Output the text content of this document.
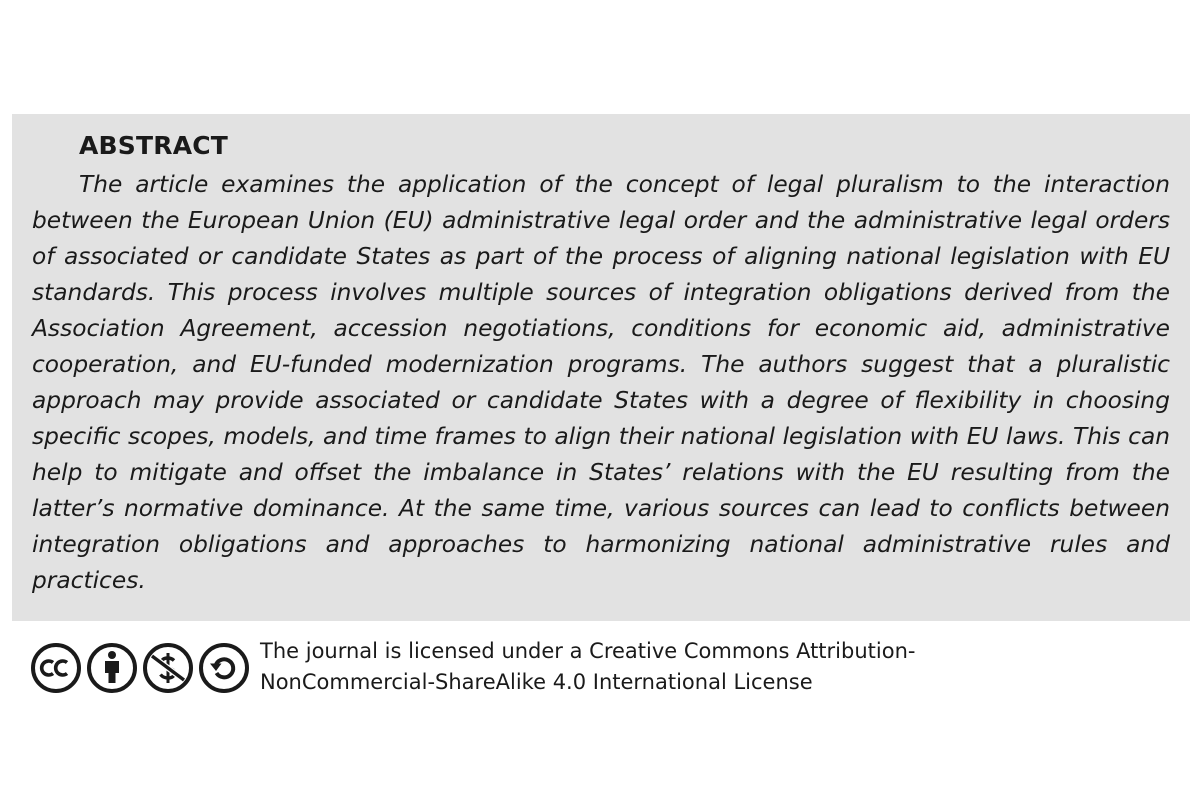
ABSTRACT

The article examines the application of the concept of legal pluralism to the interaction between the European Union (EU) administrative legal order and the administrative legal orders of associated or candidate States as part of the process of aligning national legislation with EU standards. This process involves multiple sources of integration obligations derived from the Association Agreement, accession negotiations, conditions for economic aid, administrative cooperation, and EU-funded modernization programs. The authors suggest that a pluralistic approach may provide associated or candidate States with a degree of flexibility in choosing specific scopes, models, and time frames to align their national legislation with EU laws. This can help to mitigate and offset the imbalance in States’ relations with the EU resulting from the latter’s normative dominance. At the same time, various sources can lead to conflicts between integration obligations and approaches to harmonizing national administrative rules and practices.

The journal is licensed under a Creative Commons Attribution-
NonCommercial-ShareAlike 4.0 International License
